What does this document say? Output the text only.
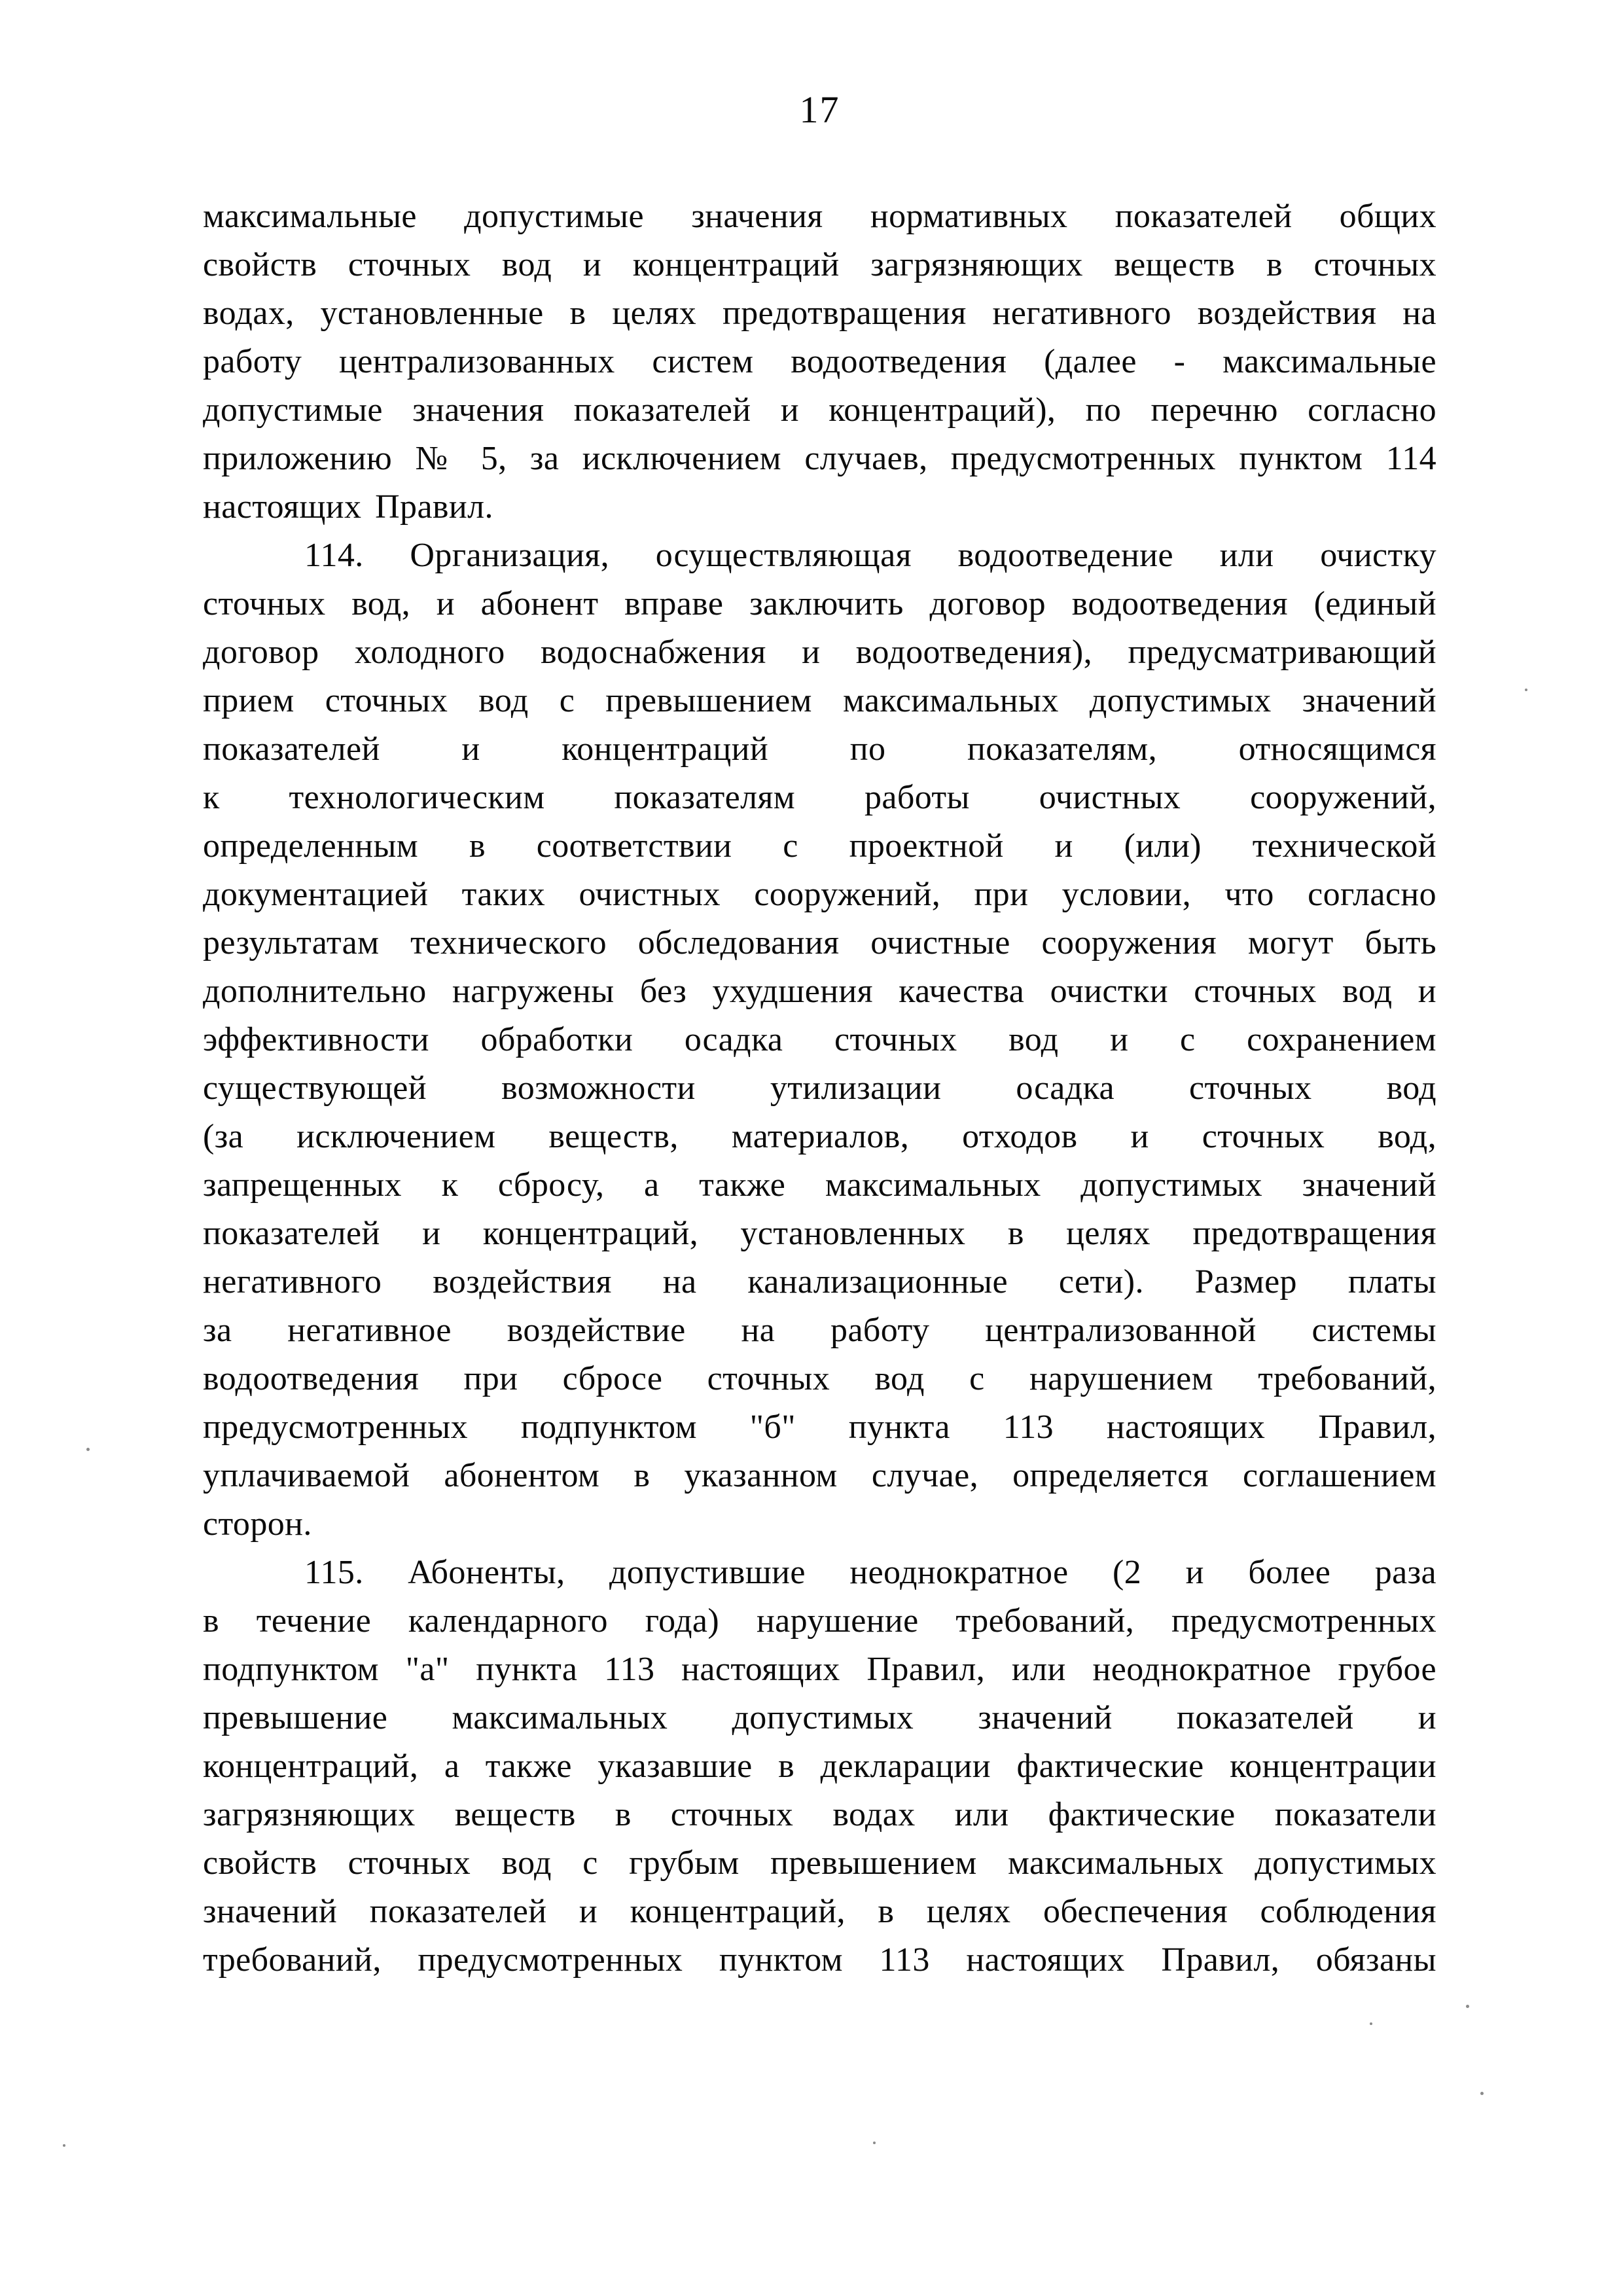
17
максимальные допустимые значения нормативных показателей общих
свойств сточных вод и концентраций загрязняющих веществ в сточных
водах, установленные в целях предотвращения негативного воздействия на
работу централизованных систем водоотведения (далее - максимальные
допустимые значения показателей и концентраций), по перечню согласно
приложению № 5, за исключением случаев, предусмотренных пунктом 114
настоящих Правил.
114. Организация, осуществляющая водоотведение или очистку
сточных вод, и абонент вправе заключить договор водоотведения (единый
договор холодного водоснабжения и водоотведения), предусматривающий
прием сточных вод с превышением максимальных допустимых значений
показателей и концентраций по показателям, относящимся
к технологическим показателям работы очистных сооружений,
определенным в соответствии с проектной и (или) технической
документацией таких очистных сооружений, при условии, что согласно
результатам технического обследования очистные сооружения могут быть
дополнительно нагружены без ухудшения качества очистки сточных вод и
эффективности обработки осадка сточных вод и с сохранением
существующей возможности утилизации осадка сточных вод
(за исключением веществ, материалов, отходов и сточных вод,
запрещенных к сбросу, а также максимальных допустимых значений
показателей и концентраций, установленных в целях предотвращения
негативного воздействия на канализационные сети). Размер платы
за негативное воздействие на работу централизованной системы
водоотведения при сбросе сточных вод с нарушением требований,
предусмотренных подпунктом "б" пункта 113 настоящих Правил,
уплачиваемой абонентом в указанном случае, определяется соглашением
сторон.
115. Абоненты, допустившие неоднократное (2 и более раза
в течение календарного года) нарушение требований, предусмотренных
подпунктом "а" пункта 113 настоящих Правил, или неоднократное грубое
превышение максимальных допустимых значений показателей и
концентраций, а также указавшие в декларации фактические концентрации
загрязняющих веществ в сточных водах или фактические показатели
свойств сточных вод с грубым превышением максимальных допустимых
значений показателей и концентраций, в целях обеспечения соблюдения
требований, предусмотренных пунктом 113 настоящих Правил, обязаны
